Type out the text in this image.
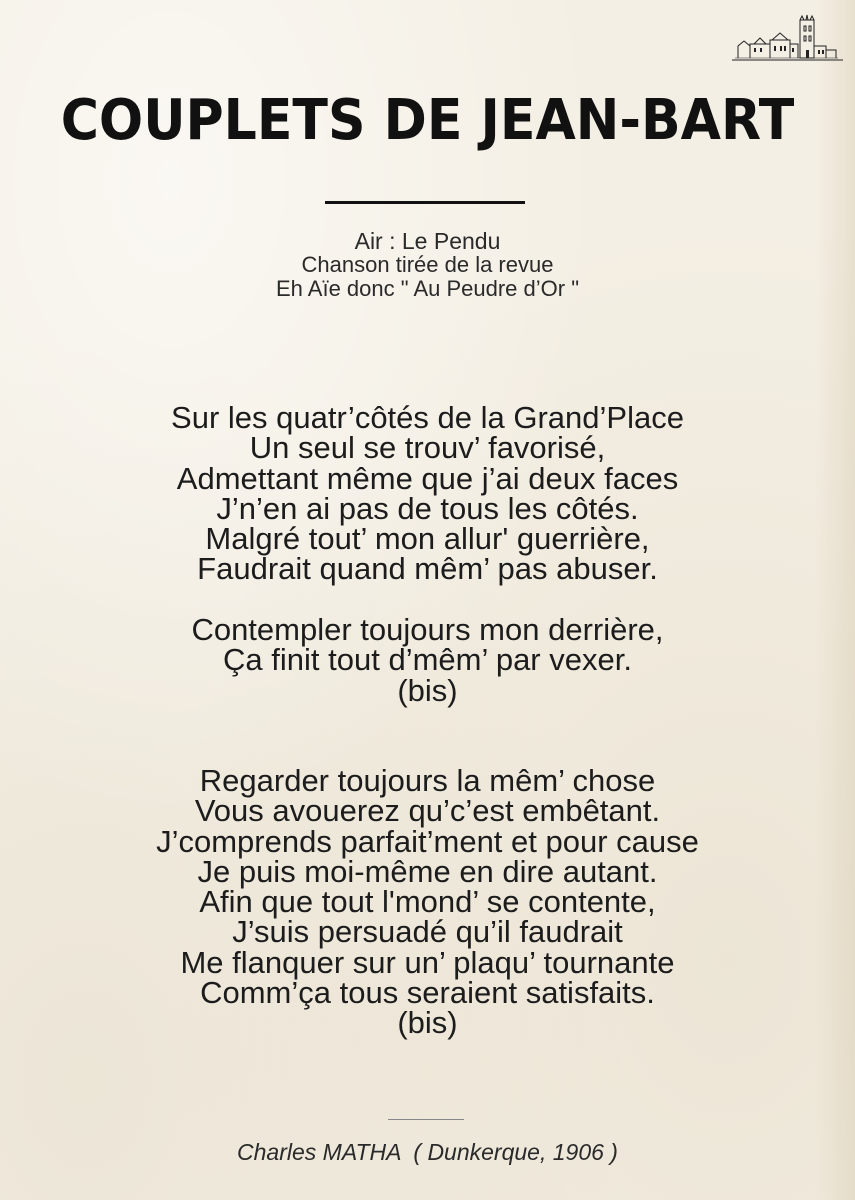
COUPLETS DE JEAN-BART
Air : Le Pendu
Chanson tirée de la revue
Eh Aïe donc " Au Peudre d’Or "
Sur les quatr’côtés de la Grand’Place
Un seul se trouv’ favorisé,
Admettant même que j’ai deux faces
J’n’en ai pas de tous les côtés.
Malgré tout’ mon allur' guerrière,
Faudrait quand mêm’ pas abuser.
Contempler toujours mon derrière,
Ça finit tout d’mêm’ par vexer.
(bis)
Regarder toujours la mêm’ chose
Vous avouerez qu’c’est embêtant.
J’comprends parfait’ment et pour cause
Je puis moi-même en dire autant.
Afin que tout l'mond’ se contente,
J’suis persuadé qu’il faudrait
Me flanquer sur un’ plaqu’ tournante
Comm’ça tous seraient satisfaits.
(bis)
Charles MATHA  ( Dunkerque, 1906 )
